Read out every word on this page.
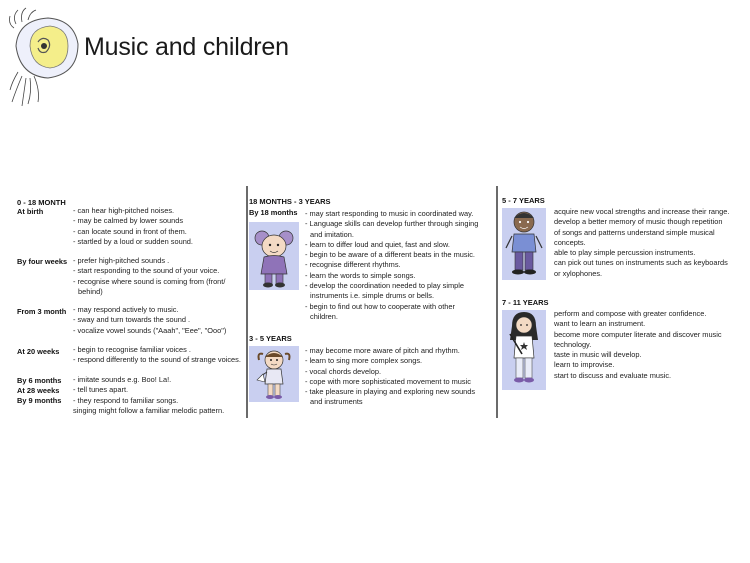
Music and children
0 - 18 MONTH
At birth	- can hear high-pitched noises.
- may be calmed by lower sounds
- can locate sound in front of them.
- startled by a loud or sudden sound.
By four weeks - prefer high-pitched sounds .
- start responding to the sound of your voice.
- recognise where sound is coming from (front/
behind)
From 3 month - may respond actively to music.
- sway and turn towards the sound .
- vocalize vowel sounds ("Aaah", "Eee", "Ooo")
At 20 weeks - begin to recognise familiar voices .
- respond differently to the sound of strange voices.
By 6 months
At 28 weeks
By 9 months
- imitate sounds e.g. Boo! La!.
- tell tunes apart.
- they respond to familiar songs.
singing might follow a familiar melodic pattern.
18 MONTHS - 3 YEARS
By 18 months - may start responding to music in coordinated way.
- Language skills can develop further through singing
and imitation.
- learn to differ loud and quiet, fast and slow.
- begin to be aware of a different beats in the music.
- recognise different rhythms.
- learn the words to simple songs.
- develop the coordination needed to play simple
instruments i.e. simple drums or bells.
- begin to find out how to cooperate with other
children.
3 - 5 YEARS
- may become more aware of pitch and rhythm.
- learn to sing more complex songs.
- vocal chords develop.
- cope with more sophisticated movement to music
- take pleasure in playing and exploring new sounds
and instruments
5 - 7 YEARS
acquire new vocal strengths and increase their range.
develop a better memory of music though repetition
of songs and patterns understand simple musical
concepts.
able to play simple percussion instruments.
can pick out tunes on instruments such as keyboards
or xylophones.
7 - 11 YEARS
perform and compose with greater confidence.
want to learn an instrument.
become more computer literate and discover music
technology.
taste in music will develop.
learn to improvise.
start to discuss and evaluate music.
